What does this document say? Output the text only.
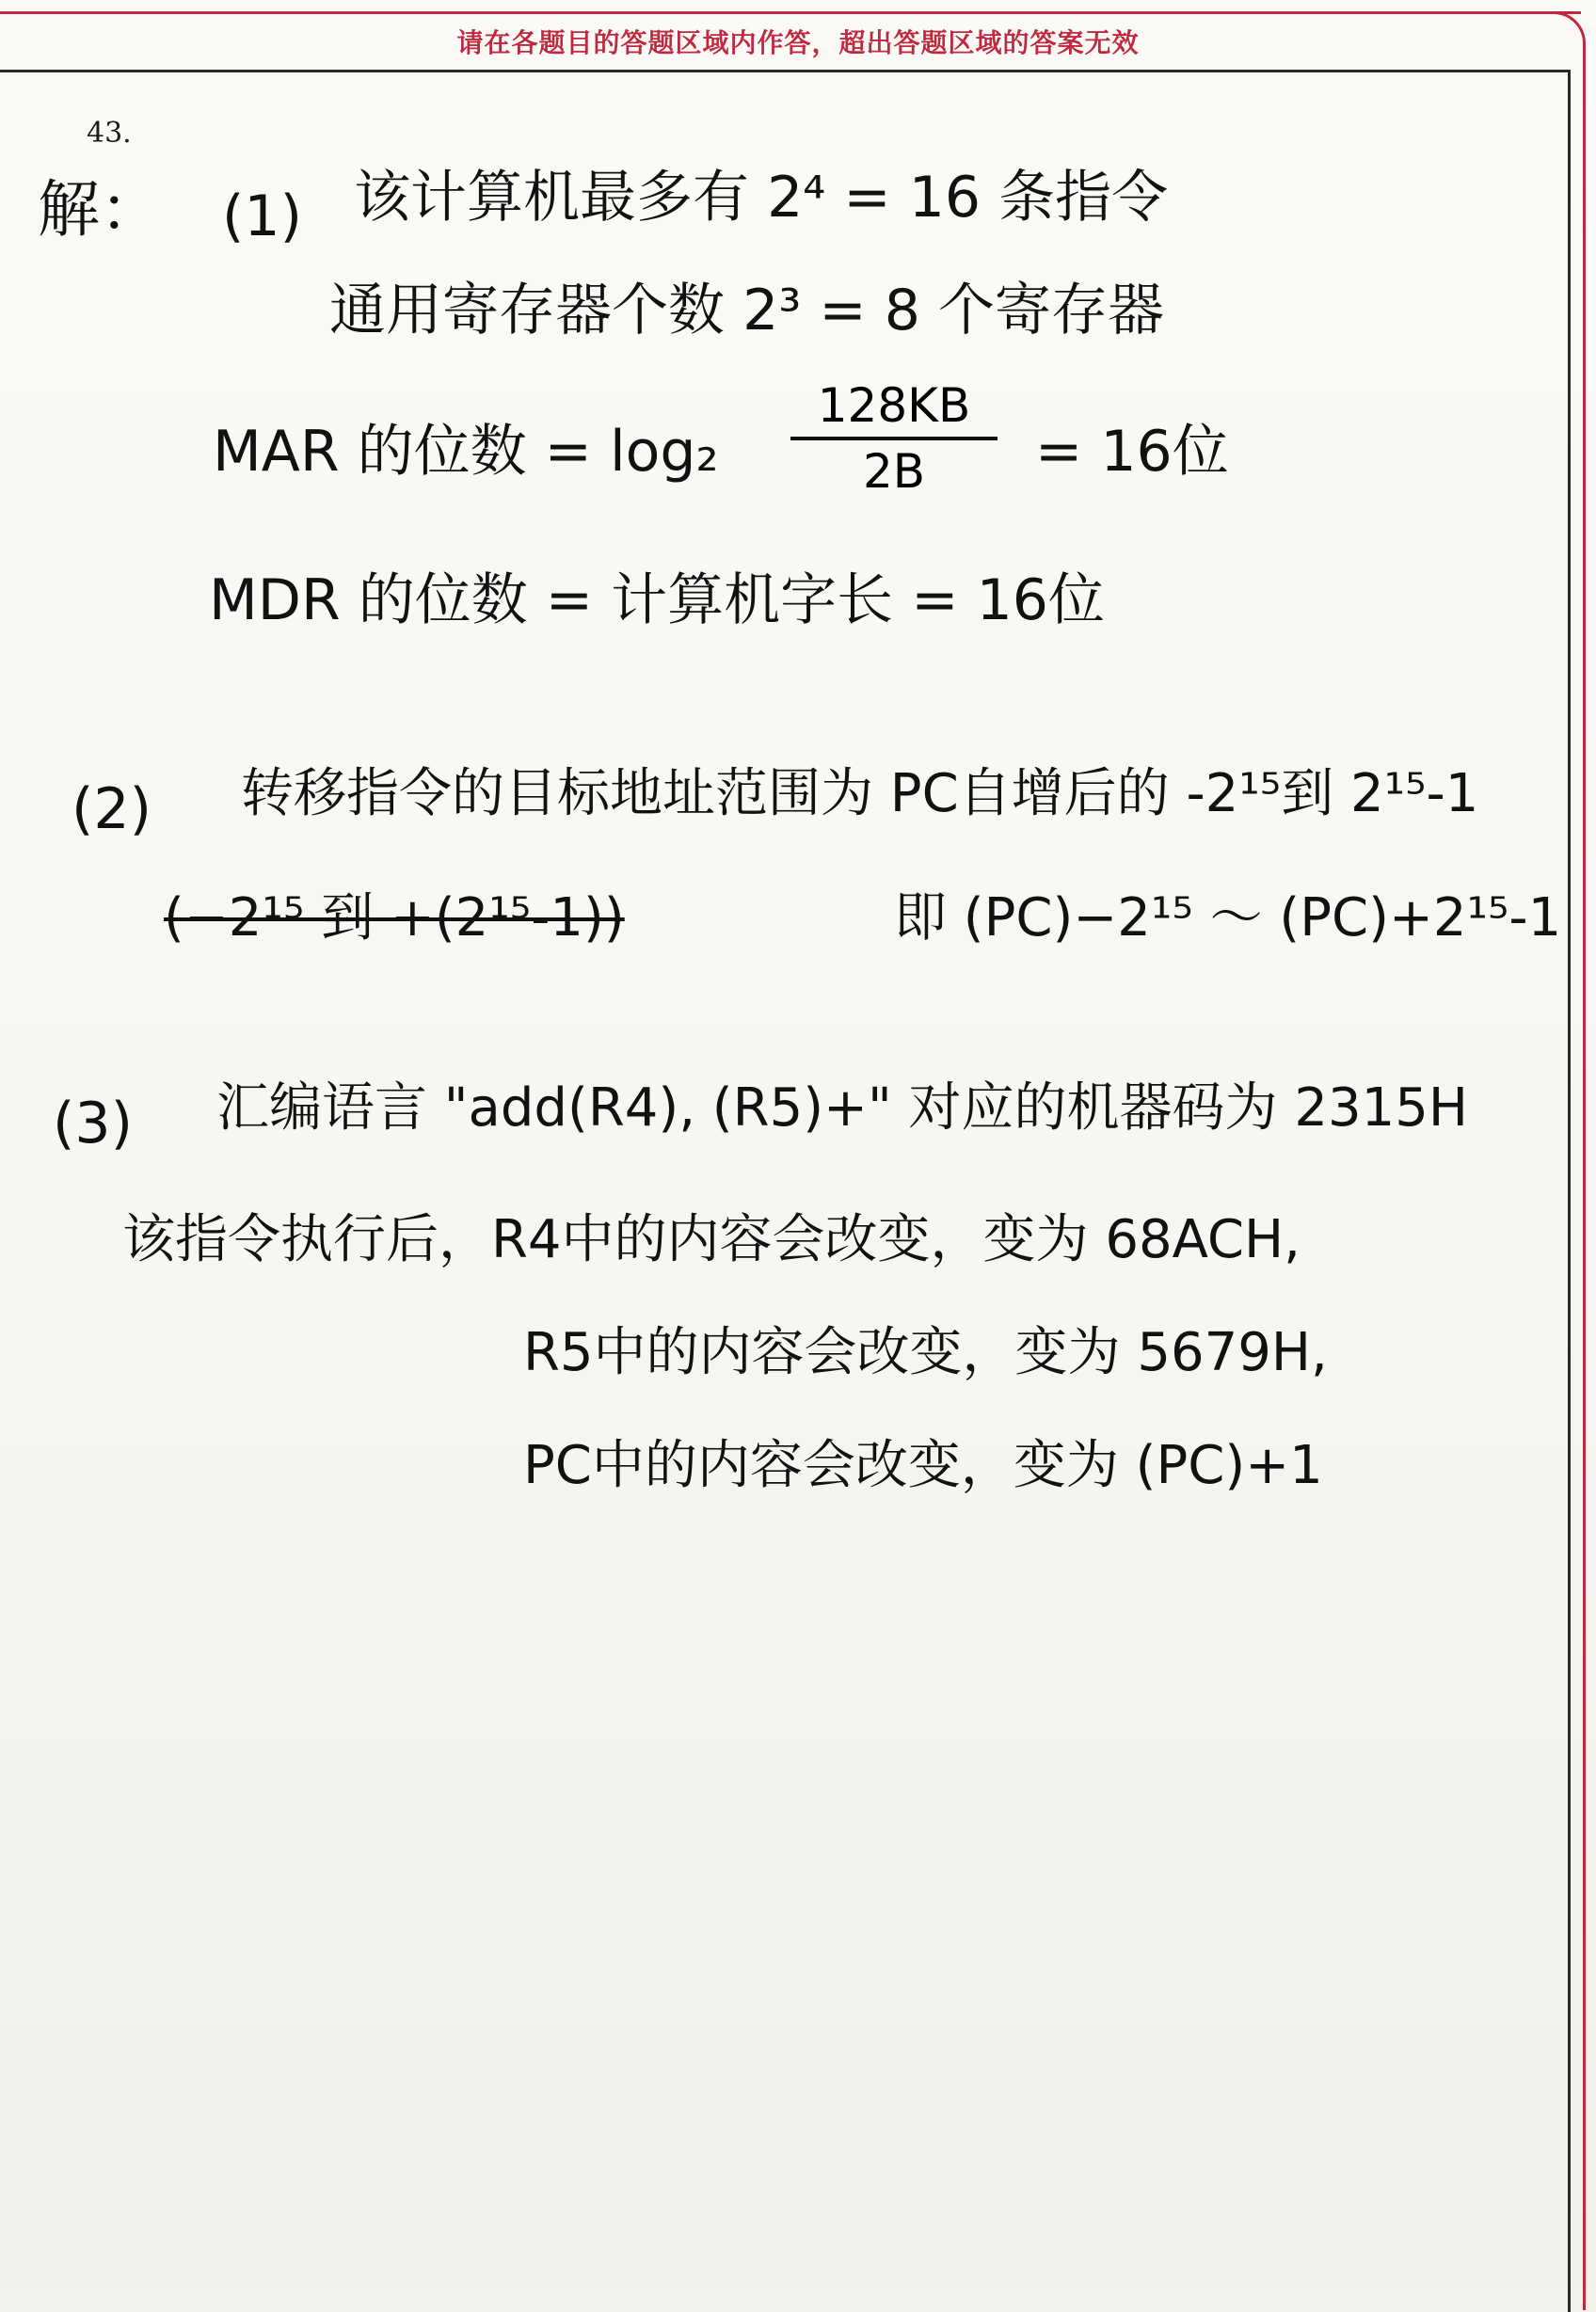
请在各题目的答题区域内作答，超出答题区域的答案无效
43.
解： (1) 该计算机最多有 2⁴ = 16 条指令
通用寄存器个数 2³ = 8 个寄存器
MAR 的位数 = log₂
128KB
2B	= 16位
MDR 的位数 = 计算机字长 = 16位
(2) 转移指令的目标地址范围为 PC自增后的 -2¹⁵到 2¹⁵-1
(−2¹⁵ 到 +(2¹⁵-1))	即 (PC)−2¹⁵ ～ (PC)+2¹⁵-1
(3) 汇编语言 "add(R4), (R5)+" 对应的机器码为 2315H
该指令执行后，R4中的内容会改变，变为 68ACH,
R5中的内容会改变，变为 5679H,
PC中的内容会改变，变为 (PC)+1
